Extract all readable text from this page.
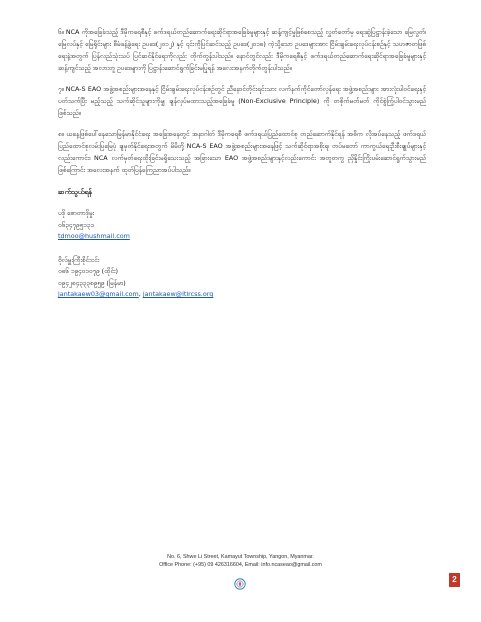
၆။ NCA ကိုအခြေခံသည့် ဒီမိုကရေစီနှင့် ဖက်ဒရယ်တည်ဆောက်ရေးဆိုင်ရာအခြေခံမူများနှင့် ဆန့်ကျင့်မှုဖြစ်စေသည့် လွှတ်တော်မှ ရေးဆွဲပြဋ္ဌာန်းခဲ့သော မြေလွတ်၊ မြေလပ်နှင့် မြေရိုင်းများ စီမံခန့်ခွဲရေး ဥပဒေ(၂၀၁၂) နှင့် ၎င်းကိုပြင်ဆင်သည့် ဥပဒေ(၂၀၁၈) ကဲ့သို့သော ဥပဒေများအား ငြိမ်းချမ်းရေးလုပ်ငန်းစဉ်နှင့် သဟဇာတဖြစ်ရေးနဲ့အတွက် ပြန်လည်သုံးသပ် ပြင်ဆင်နိုင်ရေးကိုလည်း တိုက်တွန်းပါသည်။ နောင်တွင်လည်း ဒီမိုကရေစီနှင့် ဖက်ဒရယ်တည်ဆောက်ရေးဆိုင်ရာအခြေခံမူများနှင့် ဆန့်ကျင်သည့် အလားတူ ဥပဒေများကို ပြဋ္ဌာန်းဆောင်ရွက်ခြင်းမပြုရန် အလေးအနက်တိုက်တွန်းပါသည်။

၇။ NCA-S EAO အဖွဲ့အစည်းများအနေနှင့် ငြိမ်းချမ်းရေးလုပ်ငန်းစဉ်တွင် ညီနောင်တိုင်းရင်းသား လက်နက်ကိုင်တော်လှန်ရေး အဖွဲ့အစည်းများ အားလုံးပါဝင်ရေးနှင့် ပတ်သက်ပြီး မည့်သည့် သက်ဆိုင်သူများကိုမျှ ချန်လှပ်မထားသည့်အခြေခံမူ (Non-Exclusive Principle) ကို တစိုက်မတ်မတ် ကိုင်စွဲကြံ့ပါဝင်သွားမည်ဖြစ်သည်။

၈။ ယနေ့ဖြစ်ပေါ်နေသောမြန်မာနိုင်ငံရေး အခြေအနေတွင် အနာဂါတ် ဒီမိုကရေစီ ဖက်ဒရယ်ပြည်ထောင်စု တည်ဆောက်နိုင်ရန် အဓိက လိုအပ်နေသည့် ဖက်ဒရယ်ပြည်ထောင်စုလမ်းပြမြေပုံ ချမှတ်နိုင်ရေးအတွက် မိမိတို့ NCA-S EAO အဖွဲ့အစည်းများအနေဖြင့် သက်ဆိုင်ရာအစိုးရ၊ တပ်မတော် ကာကွယ်ရေးဦးစီးချုပ်များနှင့်လည်းကောင်း၊ NCA လက်မှတ်ရေးထိုးခြင်းမရှိသေးသည့် အခြားသော EAO အဖွဲ့အစည်းများနှင့်လည်းကောင်း အတူတကွ ညှိနှိုင်းကြိုးပမ်းဆောင်ရွက်သွားမည်ဖြစ်ကြောင်း အလေးအနက် ထုတ်ပြန်ကြေညာအပ်ပါသည်။

ဆက်သွယ်ရန်

ပဒို စောတာဒိုမူး

၀၆၃၄၇၉၅၁၃၁

tdmoo@hushmail.com

ဗိုလ်မှူးကြီးစိုင်းငင်း

၀၈၆ ၁၉၄၀၁၀၇၉ (ထိုင်း)

၀၉၄၂၈၄၃၃၃၈၉၅၉ (မြန်မာ)

jantakaew03@gmail.com, jantakaew@ltlrcss.org

No. 6, Shwe Li Street, Kamayut Township, Yangon, Myanmar.
Office Phone: (+95) 09 426316604, Email: info.ncaseao@gmail.com
2
